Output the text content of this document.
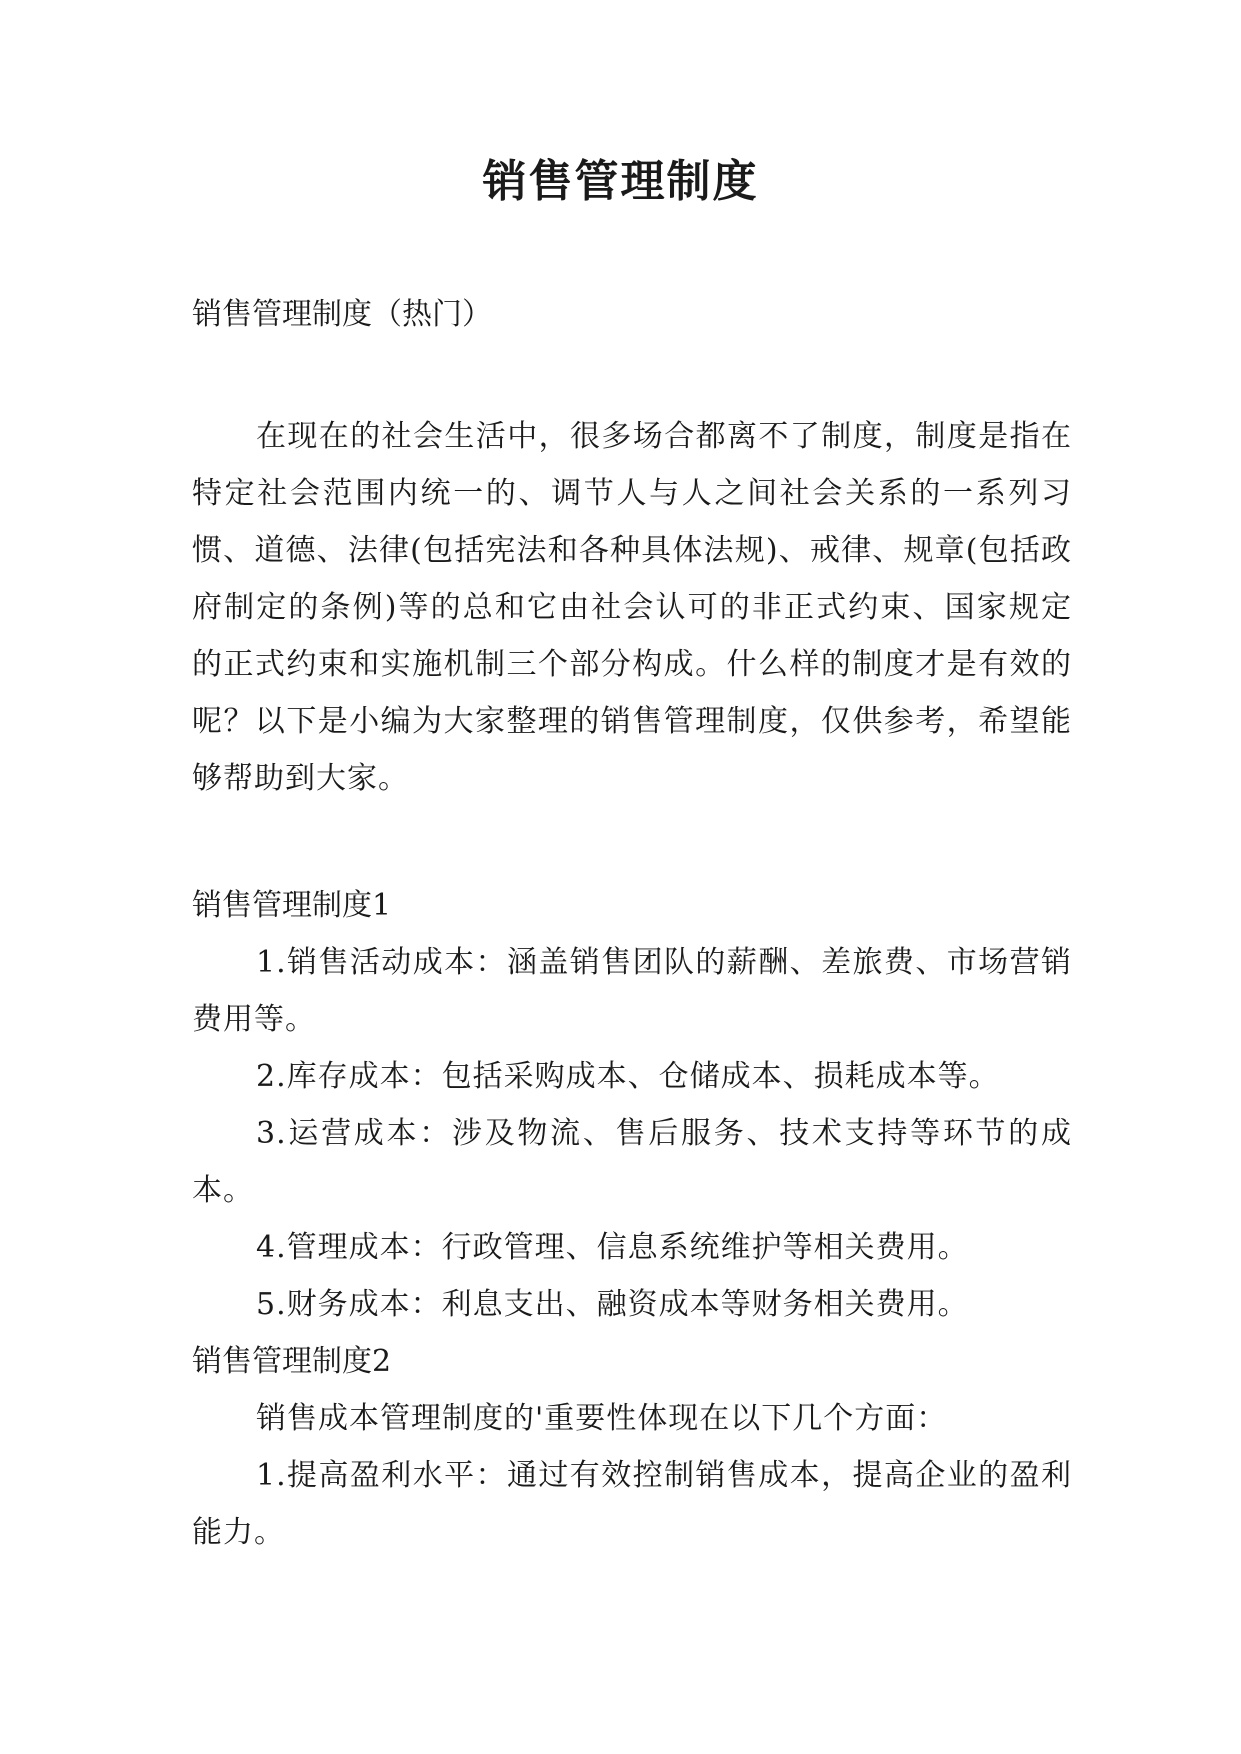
销售管理制度

销售管理制度（热门）

在现在的社会生活中，很多场合都离不了制度，制度是指在特定社会范围内统一的、调节人与人之间社会关系的一系列习惯、道德、法律(包括宪法和各种具体法规)、戒律、规章(包括政府制定的条例)等的总和它由社会认可的非正式约束、国家规定的正式约束和实施机制三个部分构成。什么样的制度才是有效的呢？以下是小编为大家整理的销售管理制度，仅供参考，希望能够帮助到大家。

销售管理制度1

1.销售活动成本：涵盖销售团队的薪酬、差旅费、市场营销费用等。

2.库存成本：包括采购成本、仓储成本、损耗成本等。

3.运营成本：涉及物流、售后服务、技术支持等环节的成本。

4.管理成本：行政管理、信息系统维护等相关费用。

5.财务成本：利息支出、融资成本等财务相关费用。

销售管理制度2

销售成本管理制度的'重要性体现在以下几个方面：

1.提高盈利水平：通过有效控制销售成本，提高企业的盈利能力。
